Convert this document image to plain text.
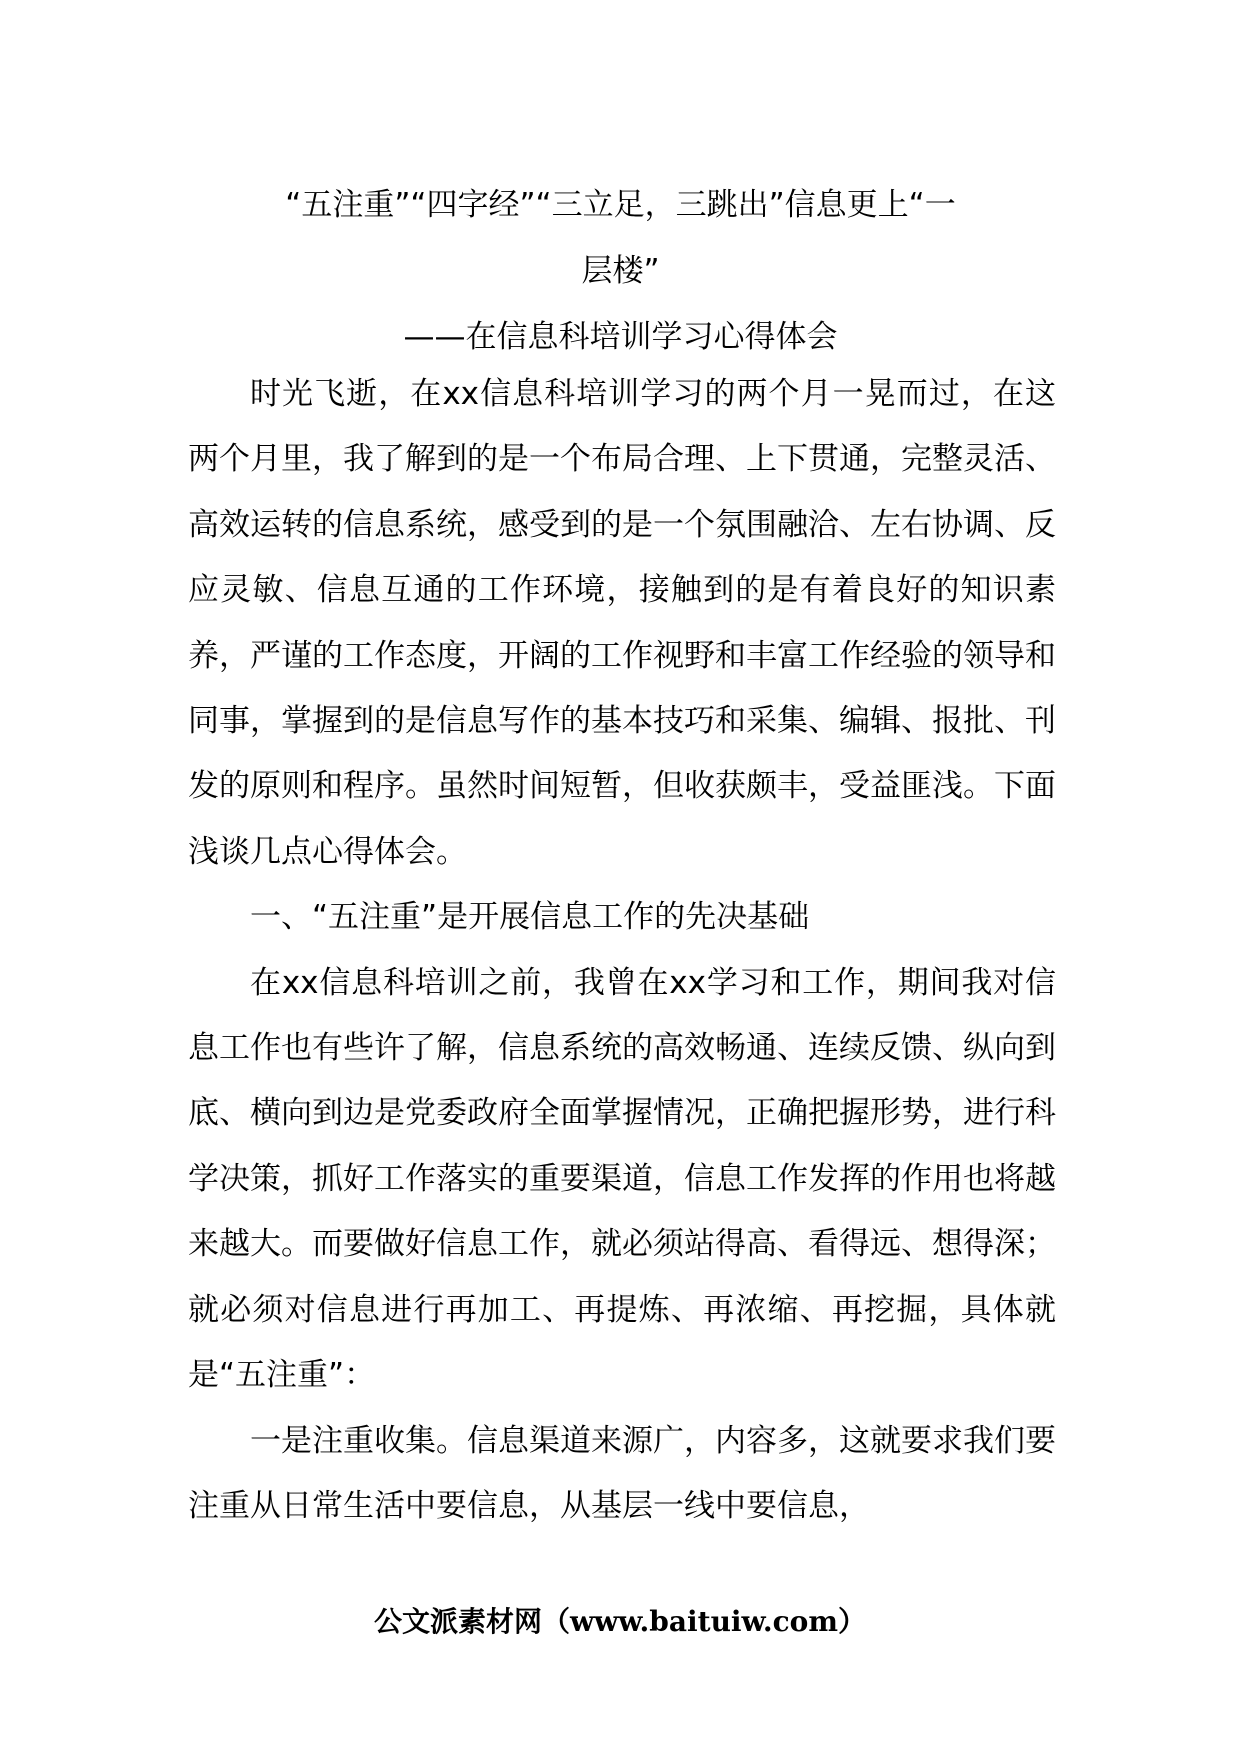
“五注重”“四字经”“三立足，三跳出”信息更上“一
层楼”
——在信息科培训学习心得体会

时光飞逝，在xx信息科培训学习的两个月一晃而过，在这两个月里，我了解到的是一个布局合理、上下贯通，完整灵活、高效运转的信息系统，感受到的是一个氛围融洽、左右协调、反应灵敏、信息互通的工作环境，接触到的是有着良好的知识素养，严谨的工作态度，开阔的工作视野和丰富工作经验的领导和同事，掌握到的是信息写作的基本技巧和采集、编辑、报批、刊发的原则和程序。虽然时间短暂，但收获颇丰，受益匪浅。下面浅谈几点心得体会。

一、“五注重”是开展信息工作的先决基础

在xx信息科培训之前，我曾在xx学习和工作，期间我对信息工作也有些许了解，信息系统的高效畅通、连续反馈、纵向到底、横向到边是党委政府全面掌握情况，正确把握形势，进行科学决策，抓好工作落实的重要渠道，信息工作发挥的作用也将越来越大。而要做好信息工作，就必须站得高、看得远、想得深；就必须对信息进行再加工、再提炼、再浓缩、再挖掘，具体就是“五注重”：

一是注重收集。信息渠道来源广，内容多，这就要求我们要注重从日常生活中要信息，从基层一线中要信息，

公文派素材网（www.baituiw.com）
